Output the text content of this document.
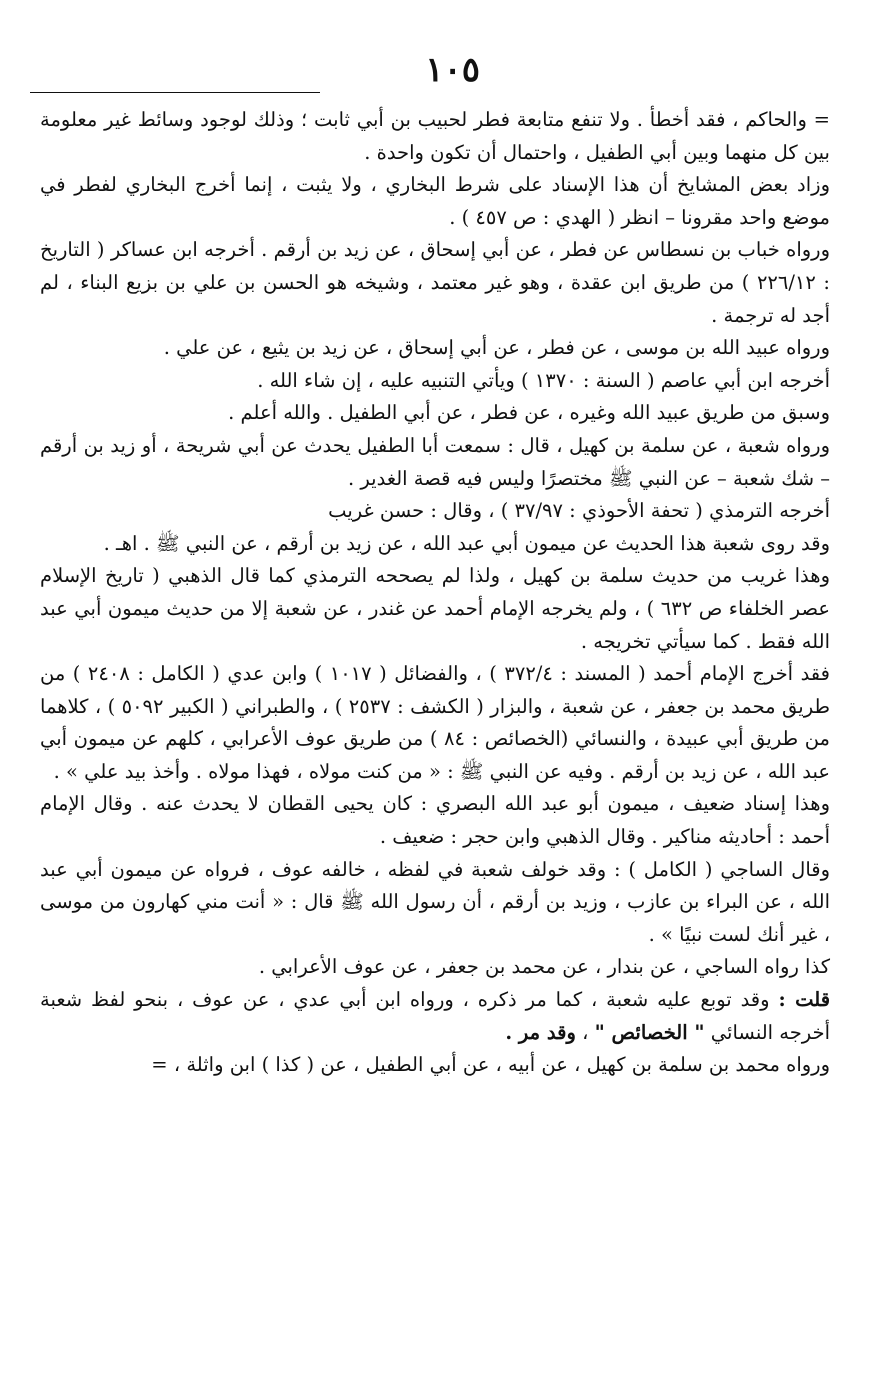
١٠٥

= والحاكم ، فقد أخطأ . ولا تنفع متابعة فطر لحبيب بن أبي ثابت ؛ وذلك لوجود وسائط غير معلومة بين كل منهما وبين أبي الطفيل ، واحتمال أن تكون واحدة .

وزاد بعض المشايخ أن هذا الإسناد على شرط البخاري ، ولا يثبت ، إنما أخرج البخاري لفطر في موضع واحد مقرونا – انظر ( الهدي : ص ٤٥٧ ) .

ورواه خباب بن نسطاس عن فطر ، عن أبي إسحاق ، عن زيد بن أرقم . أخرجه ابن عساكر ( التاريخ : ٢٢٦/١٢ ) من طريق ابن عقدة ، وهو غير معتمد ، وشيخه هو الحسن بن علي بن بزيع البناء ، لم أجد له ترجمة .

ورواه عبيد الله بن موسى ، عن فطر ، عن أبي إسحاق ، عن زيد بن يثيع ، عن علي .

أخرجه ابن أبي عاصم ( السنة : ١٣٧٠ ) ويأتي التنبيه عليه ، إن شاء الله .

وسبق من طريق عبيد الله وغيره ، عن فطر ، عن أبي الطفيل . والله أعلم .

ورواه شعبة ، عن سلمة بن كهيل ، قال : سمعت أبا الطفيل يحدث عن أبي شريحة ، أو زيد بن أرقم – شك شعبة – عن النبي ﷺ مختصرًا وليس فيه قصة الغدير .

أخرجه الترمذي ( تحفة الأحوذي : ٣٧/٩٧ ) ، وقال : حسن غريب

وقد روى شعبة هذا الحديث عن ميمون أبي عبد الله ، عن زيد بن أرقم ، عن النبي ﷺ . اهـ .

وهذا غريب من حديث سلمة بن كهيل ، ولذا لم يصححه الترمذي كما قال الذهبي ( تاريخ الإسلام عصر الخلفاء ص ٦٣٢ ) ، ولم يخرجه الإمام أحمد عن غندر ، عن شعبة إلا من حديث ميمون أبي عبد الله فقط . كما سيأتي تخريجه .

فقد أخرج الإمام أحمد ( المسند : ٣٧٢/٤ ) ، والفضائل ( ١٠١٧ ) وابن عدي ( الكامل : ٢٤٠٨ ) من طريق محمد بن جعفر ، عن شعبة ، والبزار ( الكشف : ٢٥٣٧ ) ، والطبراني ( الكبير ٥٠٩٢ ) ، كلاهما من طريق أبي عبيدة ، والنسائي (الخصائص : ٨٤ ) من طريق عوف الأعرابي ، كلهم عن ميمون أبي عبد الله ، عن زيد بن أرقم . وفيه عن النبي ﷺ : « من كنت مولاه ، فهذا مولاه . وأخذ بيد علي » .

وهذا إسناد ضعيف ، ميمون أبو عبد الله البصري : كان يحيى القطان لا يحدث عنه . وقال الإمام أحمد : أحاديثه مناكير . وقال الذهبي وابن حجر : ضعيف .

وقال الساجي ( الكامل ) : وقد خولف شعبة في لفظه ، خالفه عوف ، فرواه عن ميمون أبي عبد الله ، عن البراء بن عازب ، وزيد بن أرقم ، أن رسول الله ﷺ قال : « أنت مني كهارون من موسى ، غير أنك لست نبيًا » .

كذا رواه الساجي ، عن بندار ، عن محمد بن جعفر ، عن عوف الأعرابي .

قلت : وقد توبع عليه شعبة ، كما مر ذكره ، ورواه ابن أبي عدي ، عن عوف ، بنحو لفظ شعبة أخرجه النسائي " الخصائص " ، وقد مر .

ورواه محمد بن سلمة بن كهيل ، عن أبيه ، عن أبي الطفيل ، عن ( كذا ) ابن واثلة ، =
